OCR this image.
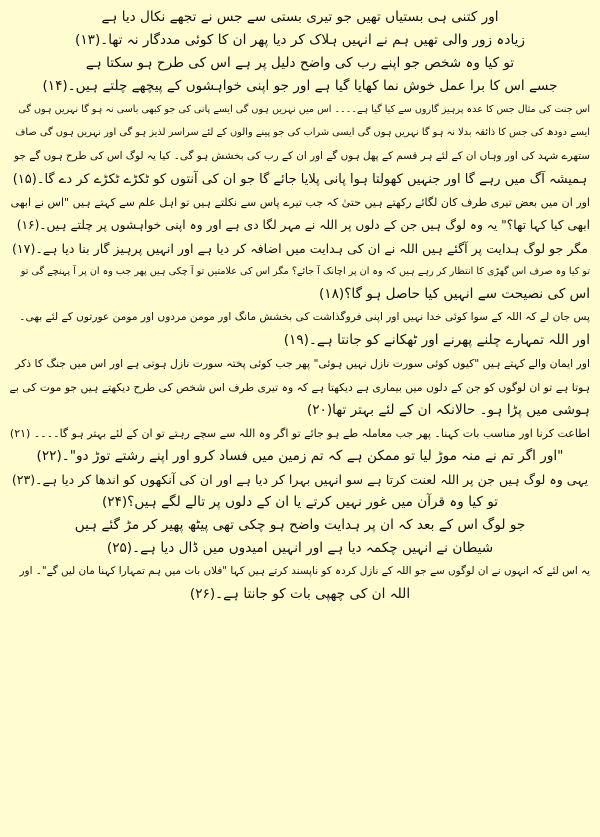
اور کتنی ہی بستیاں تھیں جو تیری بستی سے جس نے تجھے نکال دیا ہے
زیادہ زور والی تھیں ہم نے انہیں ہلاک کر دیا پھر ان کا کوئی مددگار نہ تھا۔(۱۳)
تو کیا وہ شخص جو اپنے رب کی واضح دلیل پر ہے اس کی طرح ہو سکتا ہے
جسے اس کا برا عمل خوش نما کھایا گیا ہے اور جو اپنی خواہشوں کے پیچھے چلتے ہیں۔(۱۴)
اس جنت کی مثال جس کا عدہ پرہیز گاروں سے کیا گیا ہے۔۔۔۔ اس میں نہریں ہوں گی ایسے پانی کی جو کبھی باسی نہ ہو گا نہریں ہوں گی
ایسے دودھ کی جس کا ذائقہ بدلا نہ ہو گا نہریں ہوں گی ایسی شراب کی جو پینے والوں کے لئے سراسر لذیز ہو گی اور نہریں ہوں گی صاف
ستھرے شہد کی اور وہاں ان کے لئے ہر قسم کے پھل ہوں گے اور ان کے رب کی بخشش ہو گی۔ کیا یہ لوگ اس کی طرح ہوں گے جو
ہمیشہ آگ میں رہے گا اور جنہیں کھولتا ہوا پانی پلایا جائے گا جو ان کی آنتوں کو ٹکڑے ٹکڑے کر دے گا۔(۱۵)
اور ان میں بعض تیری طرف کان لگائے رکھتے ہیں حتیٰ کہ جب تیرے پاس سے نکلتے ہیں تو اہل علم سے کہتے ہیں "اس نے ابھی
ابھی کیا کہا تھا؟" یہ وہ لوگ ہیں جن کے دلوں پر اللہ نے مہر لگا دی ہے اور وہ اپنی خواہشوں پر چلتے ہیں۔(۱۶)
مگر جو لوگ ہدایت پر آگئے ہیں اللہ نے ان کی ہدایت میں اضافہ کر دیا ہے اور انہیں پرہیز گار بنا دیا ہے۔(۱۷)
تو کیا وہ صرف اس گھڑی کا انتظار کر رہے ہیں کہ وہ ان پر اچانک آ جائے؟ مگر اس کی علامتیں تو آ چکی ہیں پھر جب وہ ان پر آ پہنچے گی تو
اس کی نصیحت سے انہیں کیا حاصل ہو گا؟(۱۸)
پس جان لے کہ اللہ کے سوا کوئی خدا نہیں اور اپنی فروگذاشت کی بخشش مانگ اور مومن مردوں اور مومن عورتوں کے لئے بھی۔
اور اللہ تمہارے چلنے پھرنے اور ٹھکانے کو جانتا ہے۔(۱۹)
اور ایمان والے کہتے ہیں "کیوں کوئی سورت نازل نہیں ہوئی" پھر جب کوئی پختہ سورت نازل ہوتی ہے اور اس میں جنگ کا ذکر
ہوتا ہے تو ان لوگوں کو جن کے دلوں میں بیماری ہے دیکھتا ہے کہ وہ تیری طرف اس شخص کی طرح دیکھتے ہیں جو موت کی بے
ہوشی میں پڑا ہو۔ حالانکہ ان کے لئے بہتر تھا(۲۰)
اطاعت کرنا اور مناسب بات کہنا۔ پھر جب معاملہ طے ہو جائے تو اگر وہ اللہ سے سچے رہتے تو ان کے لئے بہتر ہو گا۔۔۔۔ (۲۱)
"اور اگر تم نے منہ موڑ لیا تو ممکن ہے کہ تم زمین میں فساد کرو اور اپنے رشتے توڑ دو"۔(۲۲)
یہی وہ لوگ ہیں جن پر اللہ لعنت کرتا ہے سو انہیں بہرا کر دیا ہے اور ان کی آنکھوں کو اندھا کر دیا ہے۔(۲۳)
تو کیا وہ قرآن میں غور نہیں کرتے یا ان کے دلوں پر تالے لگے ہیں؟(۲۴)
جو لوگ اس کے بعد کہ ان پر ہدایت واضح ہو چکی تھی پیٹھ پھیر کر مڑ گئے ہیں
شیطان نے انہیں چکمہ دیا ہے اور انہیں امیدوں میں ڈال دیا ہے۔(۲۵)
یہ اس لئے کہ انہوں نے ان لوگوں سے جو اللہ کے نازل کردہ کو ناپسند کرتے ہیں کہا "فلاں بات میں ہم تمہارا کہنا مان لیں گے"۔ اور
اللہ ان کی چھپی بات کو جانتا ہے۔(۲۶)
